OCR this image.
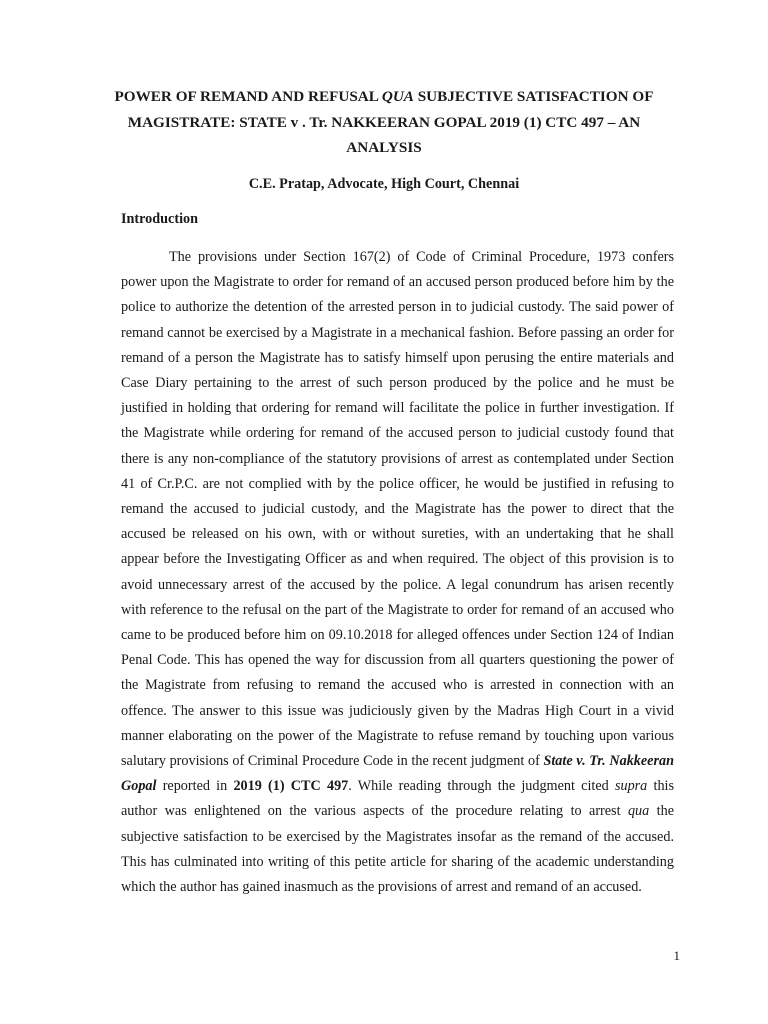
POWER OF REMAND AND REFUSAL QUA SUBJECTIVE SATISFACTION OF MAGISTRATE: STATE v . Tr. NAKKEERAN GOPAL 2019 (1) CTC 497 – AN ANALYSIS
C.E. Pratap, Advocate, High Court, Chennai
Introduction

The provisions under Section 167(2) of Code of Criminal Procedure, 1973 confers power upon the Magistrate to order for remand of an accused person produced before him by the police to authorize the detention of the arrested person in to judicial custody. The said power of remand cannot be exercised by a Magistrate in a mechanical fashion. Before passing an order for remand of a person the Magistrate has to satisfy himself upon perusing the entire materials and Case Diary pertaining to the arrest of such person produced by the police and he must be justified in holding that ordering for remand will facilitate the police in further investigation. If the Magistrate while ordering for remand of the accused person to judicial custody found that there is any non-compliance of the statutory provisions of arrest as contemplated under Section 41 of Cr.P.C. are not complied with by the police officer, he would be justified in refusing to remand the accused to judicial custody, and the Magistrate has the power to direct that the accused be released on his own, with or without sureties, with an undertaking that he shall appear before the Investigating Officer as and when required. The object of this provision is to avoid unnecessary arrest of the accused by the police. A legal conundrum has arisen recently with reference to the refusal on the part of the Magistrate to order for remand of an accused who came to be produced before him on 09.10.2018 for alleged offences under Section 124 of Indian Penal Code. This has opened the way for discussion from all quarters questioning the power of the Magistrate from refusing to remand the accused who is arrested in connection with an offence. The answer to this issue was judiciously given by the Madras High Court in a vivid manner elaborating on the power of the Magistrate to refuse remand by touching upon various salutary provisions of Criminal Procedure Code in the recent judgment of State v. Tr. Nakkeeran Gopal reported in 2019 (1) CTC 497. While reading through the judgment cited supra this author was enlightened on the various aspects of the procedure relating to arrest qua the subjective satisfaction to be exercised by the Magistrates insofar as the remand of the accused. This has culminated into writing of this petite article for sharing of the academic understanding which the author has gained inasmuch as the provisions of arrest and remand of an accused.

1
